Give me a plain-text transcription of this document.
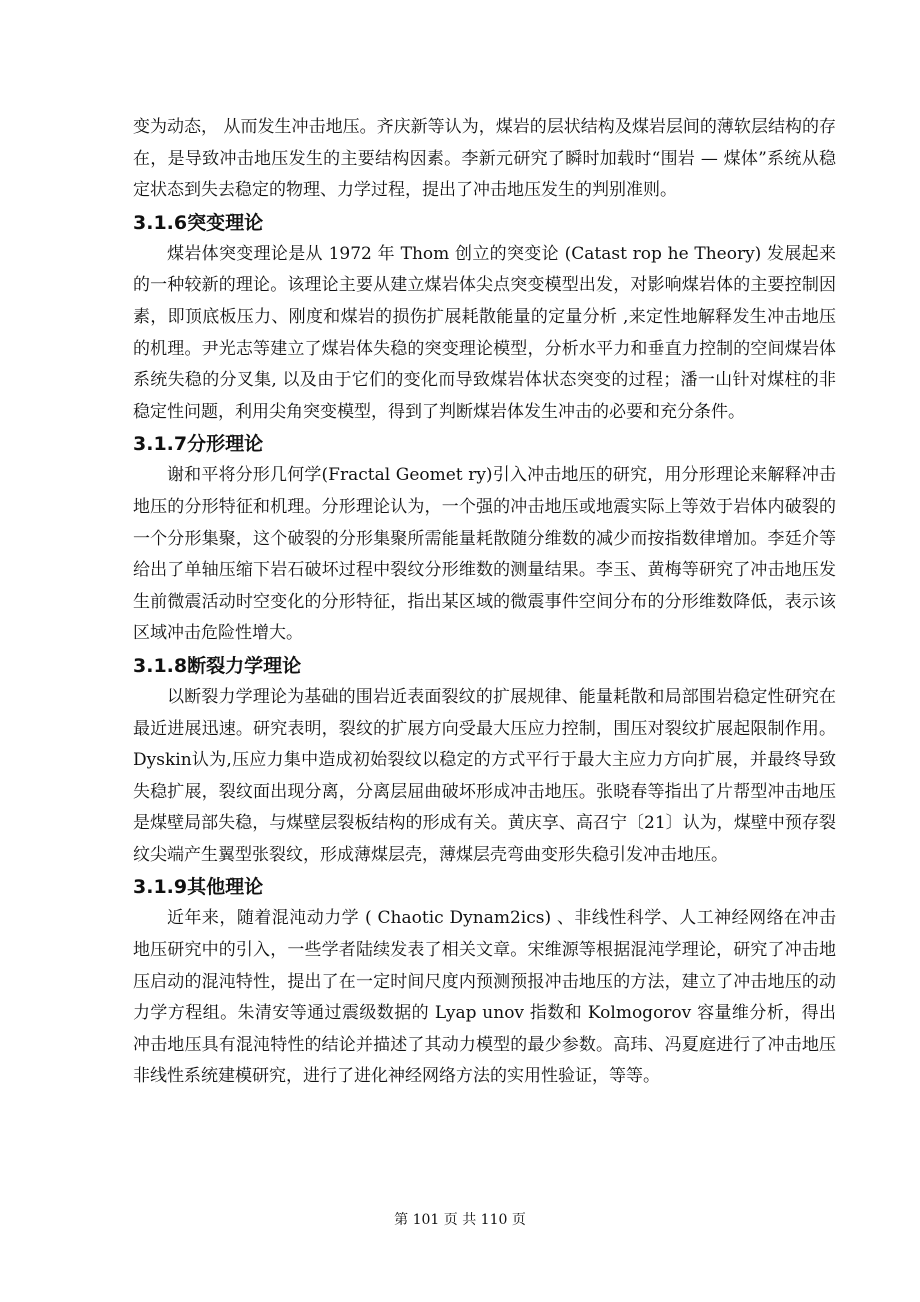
变为动态， 从而发生冲击地压。齐庆新等认为，煤岩的层状结构及煤岩层间的薄软层结构的存在，是导致冲击地压发生的主要结构因素。李新元研究了瞬时加载时“围岩 — 煤体”系统从稳定状态到失去稳定的物理、力学过程，提出了冲击地压发生的判别准则。

3.1.6突变理论

煤岩体突变理论是从 1972 年 Thom 创立的突变论 (Catast rop he Theory) 发展起来的一种较新的理论。该理论主要从建立煤岩体尖点突变模型出发，对影响煤岩体的主要控制因素，即顶底板压力、刚度和煤岩的损伤扩展耗散能量的定量分析 ,来定性地解释发生冲击地压的机理。尹光志等建立了煤岩体失稳的突变理论模型，分析水平力和垂直力控制的空间煤岩体系统失稳的分叉集, 以及由于它们的变化而导致煤岩体状态突变的过程；潘一山针对煤柱的非稳定性问题，利用尖角突变模型，得到了判断煤岩体发生冲击的必要和充分条件。

3.1.7分形理论

谢和平将分形几何学(Fractal Geomet ry)引入冲击地压的研究，用分形理论来解释冲击地压的分形特征和机理。分形理论认为，一个强的冲击地压或地震实际上等效于岩体内破裂的一个分形集聚，这个破裂的分形集聚所需能量耗散随分维数的减少而按指数律增加。李廷介等给出了单轴压缩下岩石破坏过程中裂纹分形维数的测量结果。李玉、黄梅等研究了冲击地压发生前微震活动时空变化的分形特征，指出某区域的微震事件空间分布的分形维数降低，表示该区域冲击危险性增大。

3.1.8断裂力学理论

以断裂力学理论为基础的围岩近表面裂纹的扩展规律、能量耗散和局部围岩稳定性研究在最近进展迅速。研究表明，裂纹的扩展方向受最大压应力控制，围压对裂纹扩展起限制作用。Dyskin认为,压应力集中造成初始裂纹以稳定的方式平行于最大主应力方向扩展，并最终导致失稳扩展，裂纹面出现分离，分离层屈曲破坏形成冲击地压。张晓春等指出了片帮型冲击地压是煤壁局部失稳，与煤壁层裂板结构的形成有关。黄庆享、高召宁〔21〕认为，煤壁中预存裂纹尖端产生翼型张裂纹，形成薄煤层壳，薄煤层壳弯曲变形失稳引发冲击地压。

3.1.9其他理论

近年来，随着混沌动力学 ( Chaotic Dynam2ics) 、非线性科学、人工神经网络在冲击地压研究中的引入，一些学者陆续发表了相关文章。宋维源等根据混沌学理论，研究了冲击地压启动的混沌特性，提出了在一定时间尺度内预测预报冲击地压的方法，建立了冲击地压的动力学方程组。朱清安等通过震级数据的 Lyap unov 指数和 Kolmogorov 容量维分析，得出冲击地压具有混沌特性的结论并描述了其动力模型的最少参数。高玮、冯夏庭进行了冲击地压非线性系统建模研究，进行了进化神经网络方法的实用性验证，等等。

第 101 页 共 110 页
